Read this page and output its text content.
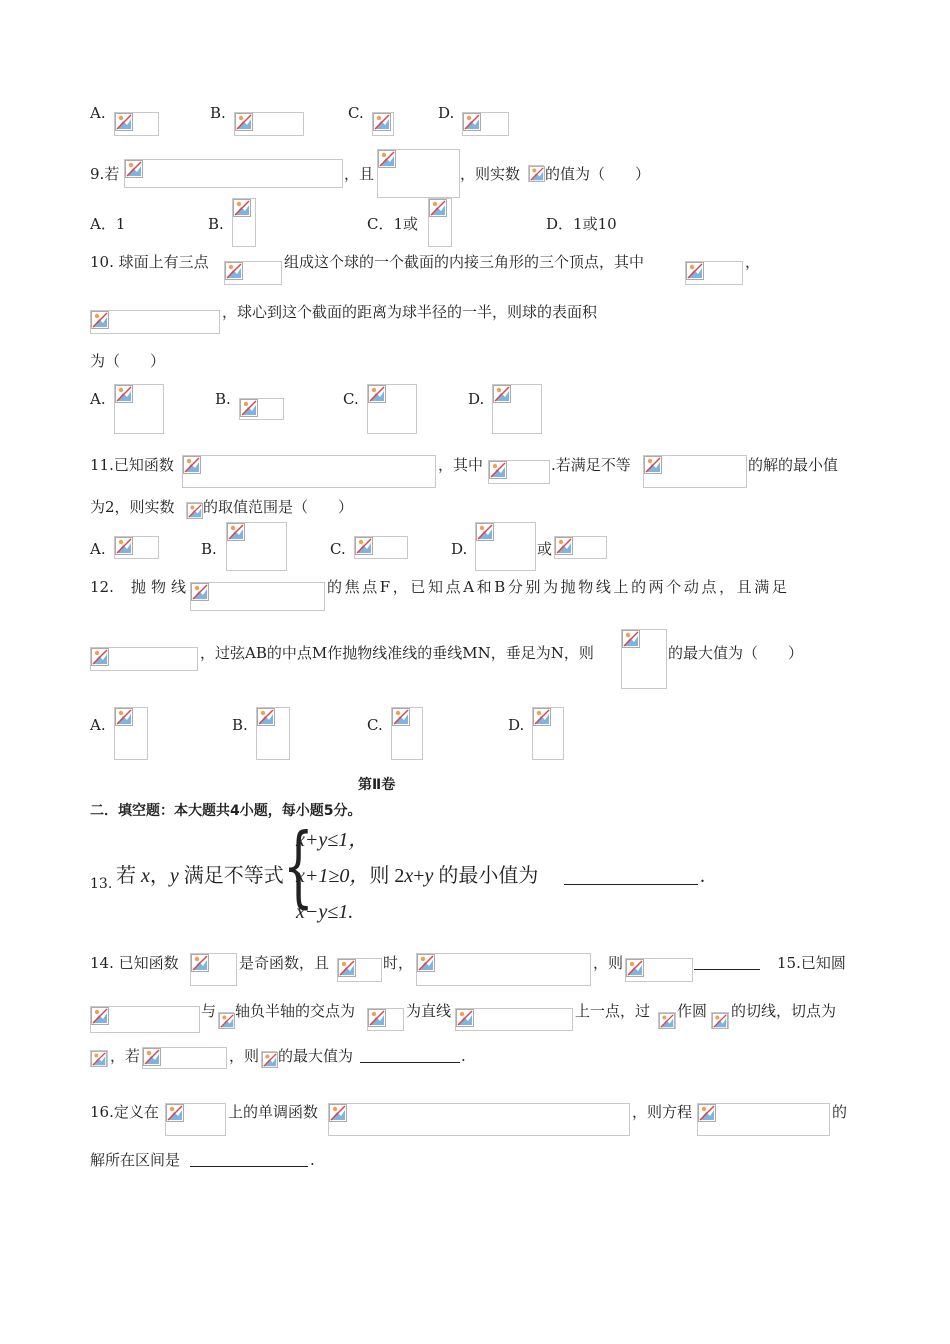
A.	B.	C.	D.
9.若	，且	，则实数 的值为（　　）
A．1	B.	C．1或	D．1或10
10. 球面上有三点	组成这个球的一个截面的内接三角形的三个顶点，其中	，
，球心到这个截面的距离为球半径的一半，则球的表面积
为（　　）
A.	B.	C.	D.
11.已知函数	，其中	.若满足不等	的解的最小值
为2，则实数 的取值范围是（　　）
A.	B.	C.	D.	或
12. 抛 物 线	的焦点F，已知点A和B分别为抛物线上的两个动点，且满足
，过弦AB的中点M作抛物线准线的垂线MN，垂足为N，则	的最大值为（　　）
A.	B.	C.	D.
第Ⅱ卷
二．填空题：本大题共4小题，每小题5分。
13. 若 x，y 满足不等式 {
x+y≤1，
x+1≥0，则 2x+y 的最小值为	.
x−y≤1.
14. 已知函数	是奇函数，且	时，	，则	15.已知圆
与 轴负半轴的交点为	为直线	上一点，过 作圆 的切线，切点为
，若	，则 的最大值为	.
16.定义在	上的单调函数	，则方程	的
解所在区间是	.
